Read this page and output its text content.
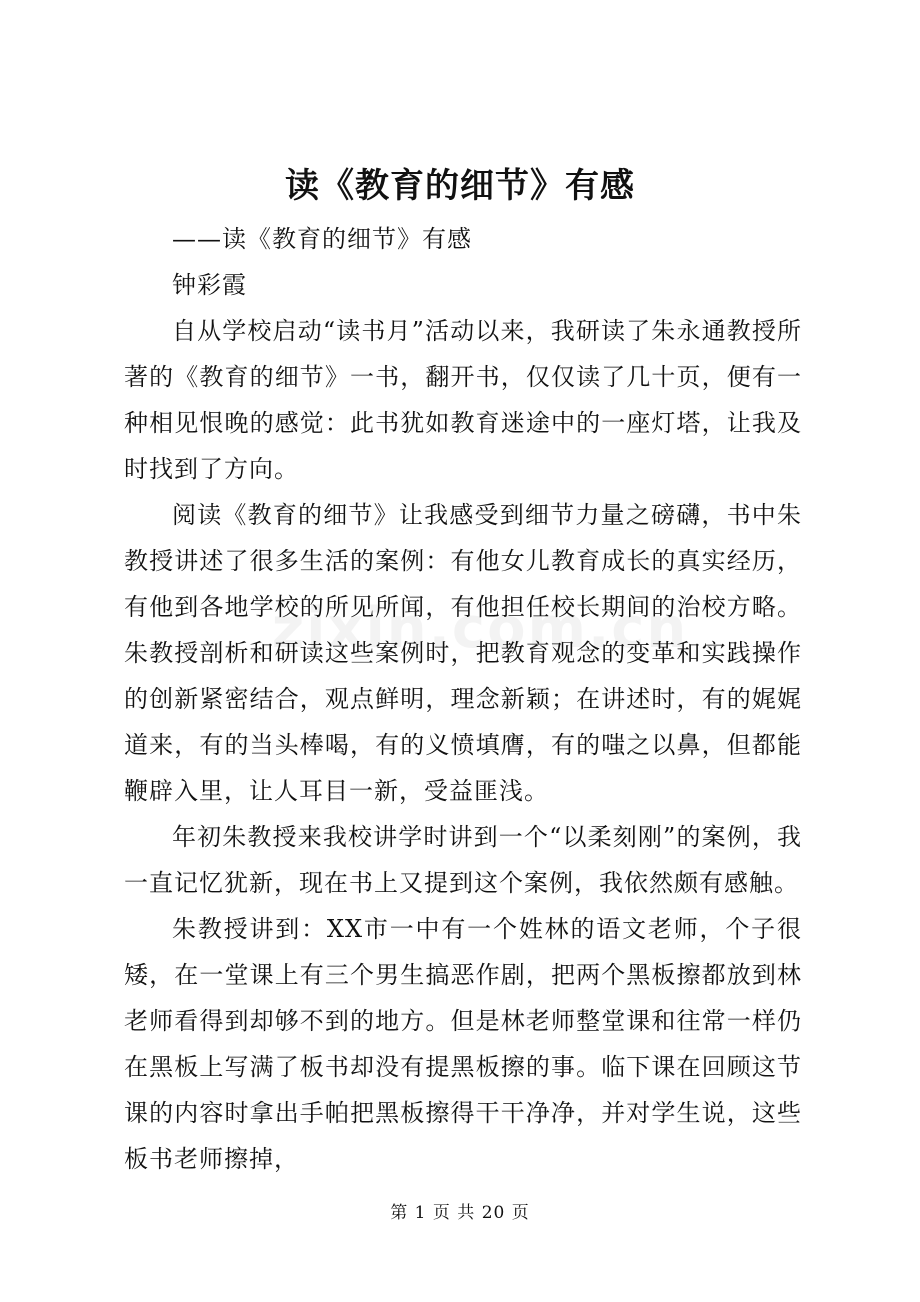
读《教育的细节》有感

——读《教育的细节》有感

钟彩霞

自从学校启动“读书月”活动以来，我研读了朱永通教授所著的《教育的细节》一书，翻开书，仅仅读了几十页，便有一种相见恨晚的感觉：此书犹如教育迷途中的一座灯塔，让我及时找到了方向。

阅读《教育的细节》让我感受到细节力量之磅礴，书中朱教授讲述了很多生活的案例：有他女儿教育成长的真实经历，有他到各地学校的所见所闻，有他担任校长期间的治校方略。朱教授剖析和研读这些案例时，把教育观念的变革和实践操作的创新紧密结合，观点鲜明，理念新颖；在讲述时，有的娓娓道来，有的当头棒喝，有的义愤填膺，有的嗤之以鼻，但都能鞭辟入里，让人耳目一新，受益匪浅。

年初朱教授来我校讲学时讲到一个“以柔刻刚”的案例，我一直记忆犹新，现在书上又提到这个案例，我依然颇有感触。

朱教授讲到：XX市一中有一个姓林的语文老师，个子很矮，在一堂课上有三个男生搞恶作剧，把两个黑板擦都放到林老师看得到却够不到的地方。但是林老师整堂课和往常一样仍在黑板上写满了板书却没有提黑板擦的事。临下课在回顾这节课的内容时拿出手帕把黑板擦得干干净净，并对学生说，这些板书老师擦掉，

第 1 页 共 20 页
